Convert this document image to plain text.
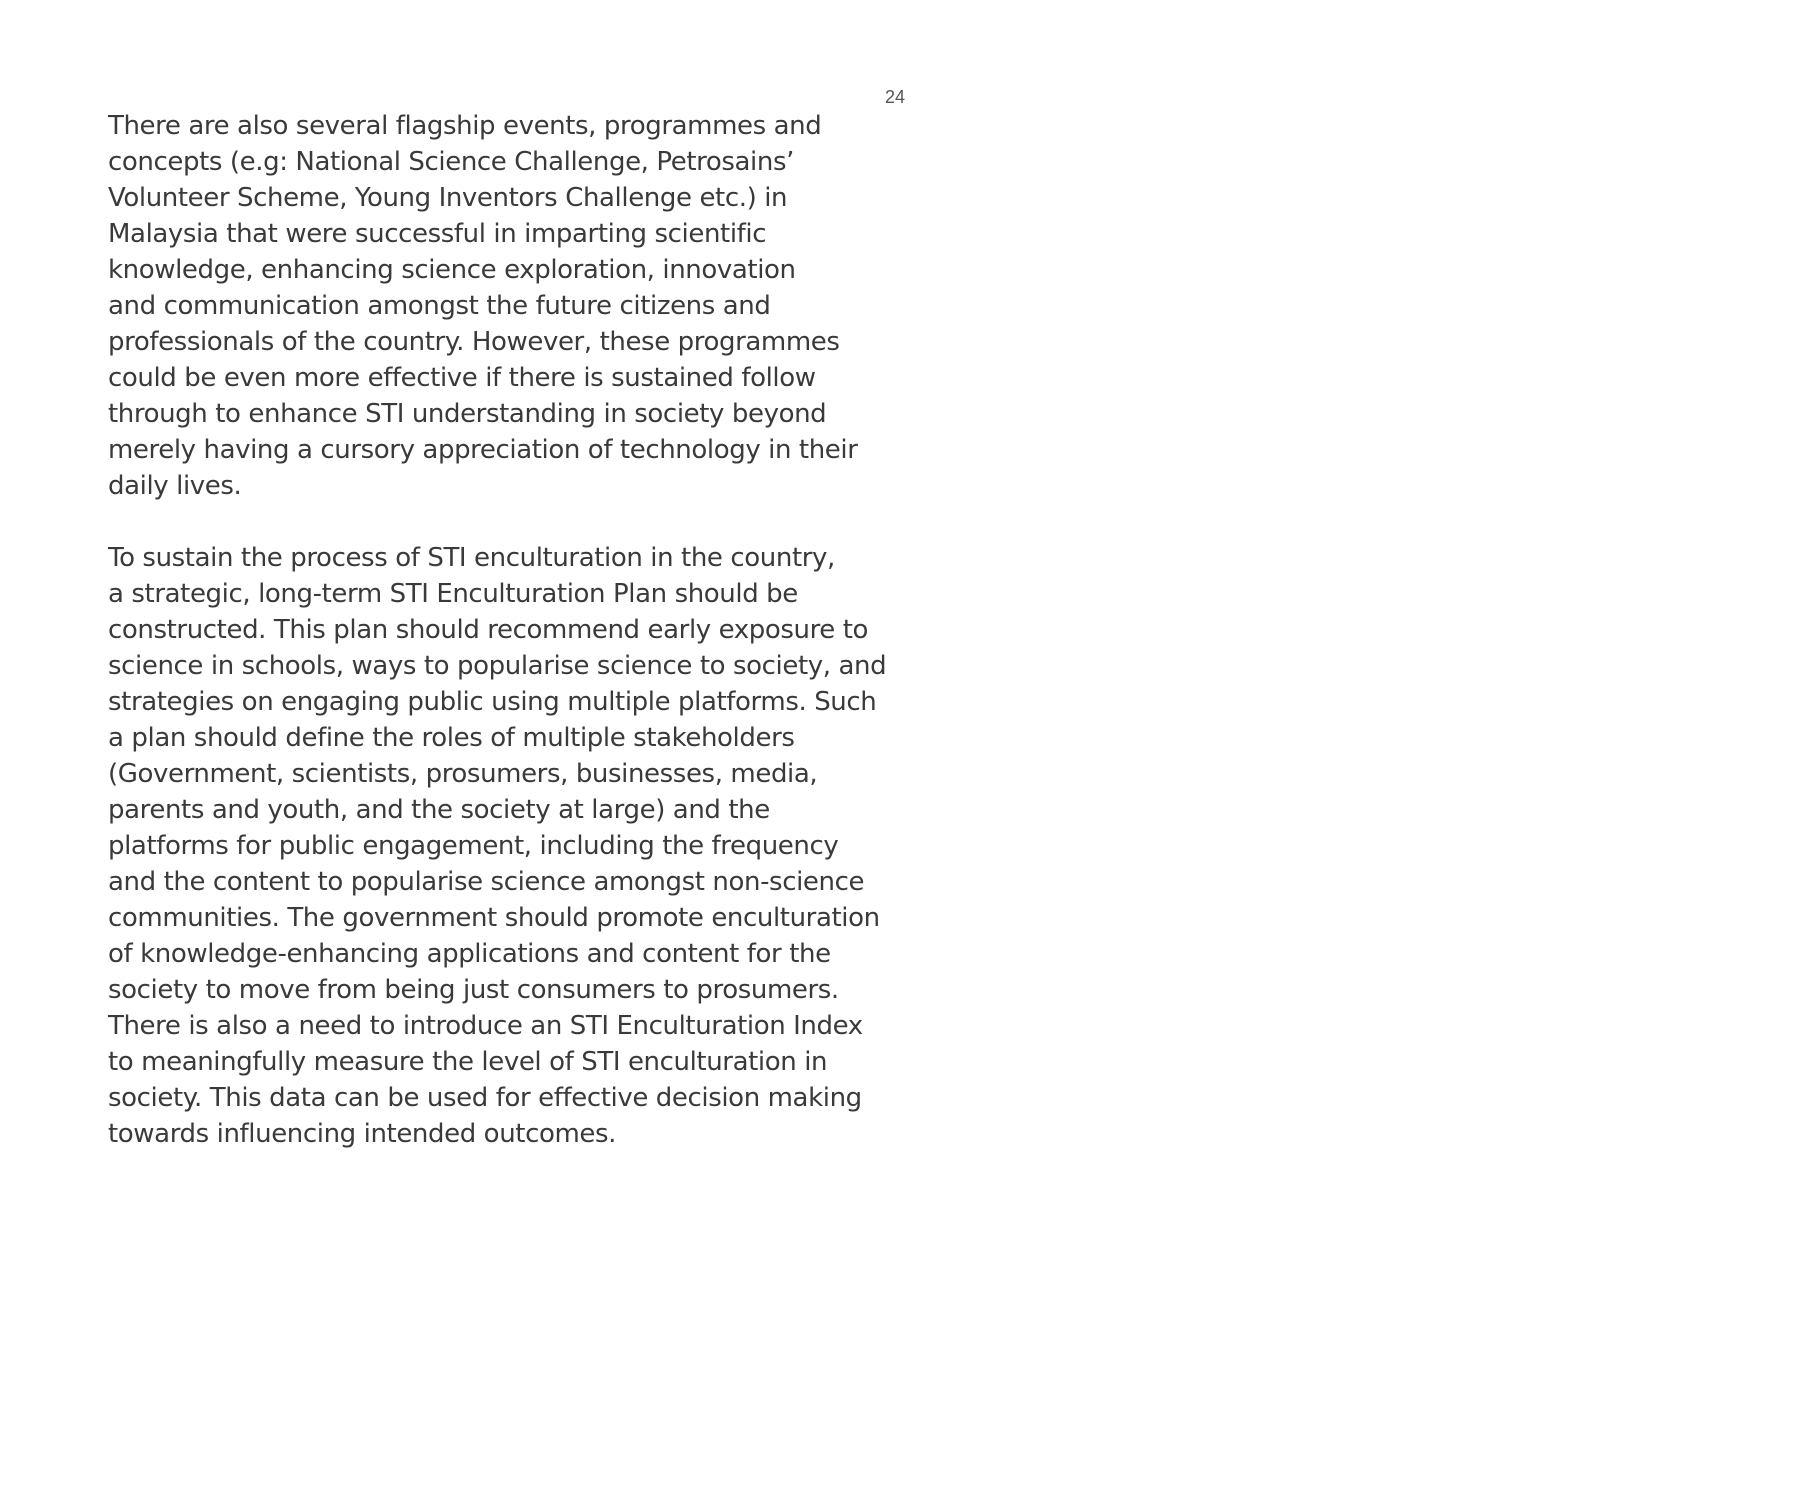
24

There are also several flagship events, programmes and
concepts (e.g: National Science Challenge, Petrosains’
Volunteer Scheme, Young Inventors Challenge etc.) in
Malaysia that were successful in imparting scientific
knowledge, enhancing science exploration, innovation
and communication amongst the future citizens and
professionals of the country. However, these programmes
could be even more effective if there is sustained follow
through to enhance STI understanding in society beyond
merely having a cursory appreciation of technology in their
daily lives.

To sustain the process of STI enculturation in the country,
a strategic, long-term STI Enculturation Plan should be
constructed. This plan should recommend early exposure to
science in schools, ways to popularise science to society, and
strategies on engaging public using multiple platforms. Such
a plan should define the roles of multiple stakeholders
(Government, scientists, prosumers, businesses, media,
parents and youth, and the society at large) and the
platforms for public engagement, including the frequency
and the content to popularise science amongst non-science
communities. The government should promote enculturation
of knowledge-enhancing applications and content for the
society to move from being just consumers to prosumers.
There is also a need to introduce an STI Enculturation Index
to meaningfully measure the level of STI enculturation in
society. This data can be used for effective decision making
towards influencing intended outcomes.
